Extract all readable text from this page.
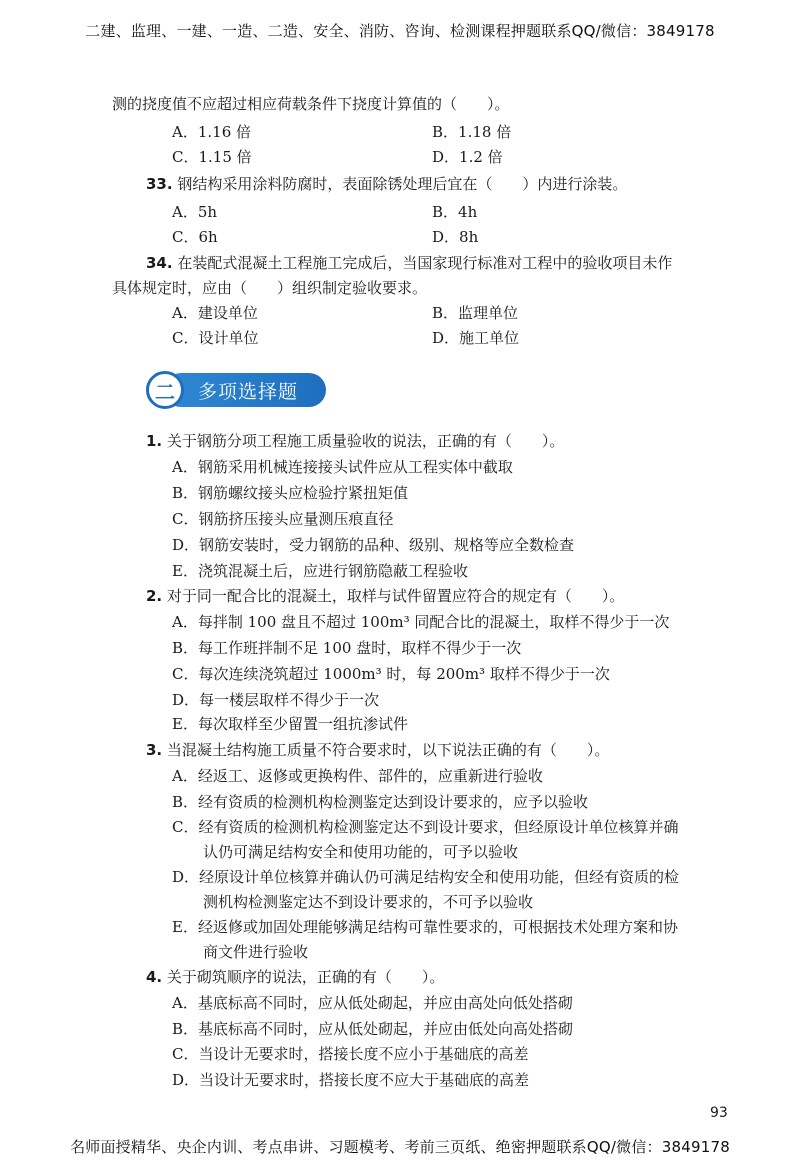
二建、监理、一建、一造、二造、安全、消防、咨询、检测课程押题联系QQ/微信：3849178
测的挠度值不应超过相应荷载条件下挠度计算值的（　　）。
A．1.16 倍	B．1.18 倍
C．1.15 倍	D．1.2 倍
33. 钢结构采用涂料防腐时，表面除锈处理后宜在（　　）内进行涂装。
A．5h	B．4h
C．6h	D．8h
34. 在装配式混凝土工程施工完成后，当国家现行标准对工程中的验收项目未作
具体规定时，应由（　　）组织制定验收要求。
A．建设单位	B．监理单位
C．设计单位	D．施工单位
二	多项选择题
1. 关于钢筋分项工程施工质量验收的说法，正确的有（　　）。
A．钢筋采用机械连接接头试件应从工程实体中截取
B．钢筋螺纹接头应检验拧紧扭矩值
C．钢筋挤压接头应量测压痕直径
D．钢筋安装时，受力钢筋的品种、级别、规格等应全数检查
E．浇筑混凝土后，应进行钢筋隐蔽工程验收
2. 对于同一配合比的混凝土，取样与试件留置应符合的规定有（　　）。
A．每拌制 100 盘且不超过 100m³ 同配合比的混凝土，取样不得少于一次
B．每工作班拌制不足 100 盘时，取样不得少于一次
C．每次连续浇筑超过 1000m³ 时，每 200m³ 取样不得少于一次
D．每一楼层取样不得少于一次
E．每次取样至少留置一组抗渗试件
3. 当混凝土结构施工质量不符合要求时，以下说法正确的有（　　）。
A．经返工、返修或更换构件、部件的，应重新进行验收
B．经有资质的检测机构检测鉴定达到设计要求的，应予以验收
C．经有资质的检测机构检测鉴定达不到设计要求，但经原设计单位核算并确
认仍可满足结构安全和使用功能的，可予以验收
D．经原设计单位核算并确认仍可满足结构安全和使用功能，但经有资质的检
测机构检测鉴定达不到设计要求的，不可予以验收
E．经返修或加固处理能够满足结构可靠性要求的，可根据技术处理方案和协
商文件进行验收
4. 关于砌筑顺序的说法，正确的有（　　）。
A．基底标高不同时，应从低处砌起，并应由高处向低处搭砌
B．基底标高不同时，应从低处砌起，并应由低处向高处搭砌
C．当设计无要求时，搭接长度不应小于基础底的高差
D．当设计无要求时，搭接长度不应大于基础底的高差
93
名师面授精华、央企内训、考点串讲、习题模考、考前三页纸、绝密押题联系QQ/微信：3849178
